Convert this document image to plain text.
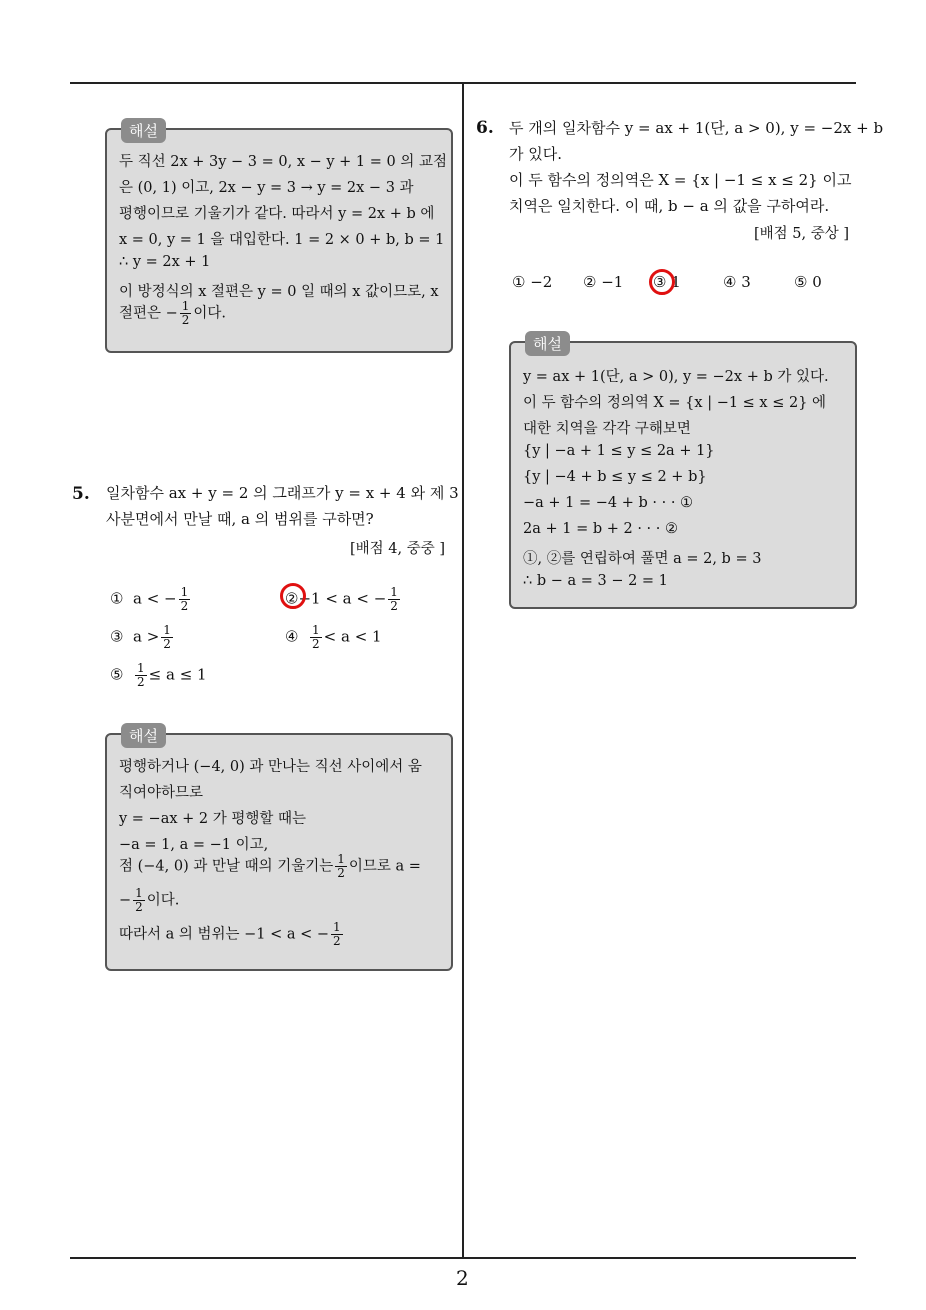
해설
두 직선 2x + 3y − 3 = 0, x − y + 1 = 0 의 교점
은 (0, 1) 이고, 2x − y = 3 → y = 2x − 3 과
평행이므로 기울기가 같다. 따라서 y = 2x + b 에
x = 0, y = 1 을 대입한다. 1 = 2 × 0 + b, b = 1
∴ y = 2x + 1
이 방정식의 x 절편은 y = 0 일 때의 x 값이므로, x
절편은 − $\frac{1}{2}$ 이다.
5. 일차함수 ax + y = 2 의 그래프가 y = x + 4 와 제 3
사분면에서 만날 때, a 의 범위를 구하면?
[배점 4, 중중 ]
① a < − $\frac{1}{2}$	②−1 < a < − $\frac{1}{2}$
③ $a > \frac{1}{2}$	④ $\frac{1}{2} < a < 1$
⑤ $\frac{1}{2} \le a \le 1$
해설
평행하거나 (−4, 0) 과 만나는 직선 사이에서 움
직여야하므로
y = −ax + 2 가 평행할 때는
−a = 1, a = −1 이고,
점 (−4, 0) 과 만날 때의 기울기는 $\frac{1}{2}$ 이므로 a =
− $\frac{1}{2}$ 이다.
따라서 a 의 범위는 −1 < a < − $\frac{1}{2}$
6. 두 개의 일차함수 y = ax + 1(단, a > 0), y = −2x + b
가 있다.
이 두 함수의 정의역은 X = {x | −1 ≤ x ≤ 2} 이고
치역은 일치한다. 이 때, b − a 의 값을 구하여라.
[배점 5, 중상 ]
① −2 ② −1 ③ 1	④ 3	⑤ 0
해설
y = ax + 1(단, a > 0), y = −2x + b 가 있다.
이 두 함수의 정의역 X = {x | −1 ≤ x ≤ 2} 에
대한 치역을 각각 구해보면
{y | −a + 1 ≤ y ≤ 2a + 1}
{y | −4 + b ≤ y ≤ 2 + b}
−a + 1 = −4 + b · · · ①
2a + 1 = b + 2 · · · ②
①, ②를 연립하여 풀면 a = 2, b = 3
∴ b − a = 3 − 2 = 1
2
